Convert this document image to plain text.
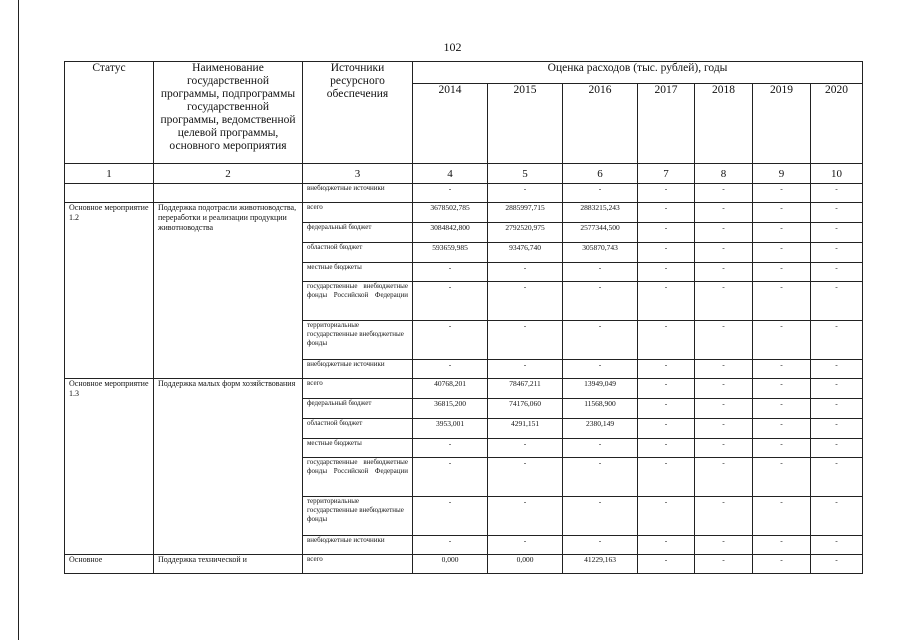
102
Статус	Наименование государственной программы, подпрограммы государственной программы, ведомственной целевой программы, основного мероприятия	Источники ресурсного обеспечения	Оценка расходов (тыс. рублей), годы						
			2014	2015	2016	2017	2018	2019	2020
1	2	3	4	5	6	7	8	9	10
		внебюджетные источники	-	-	-	-	-	-	-
Основное мероприятие 1.2	Поддержка подотрасли животноводства, переработки и реализации продукции животноводства	всего	3678502,785	2885997,715	2883215,243	-	-	-	-
		федеральный бюджет	3084842,800	2792520,975	2577344,500	-	-	-	-
		областной бюджет	593659,985	93476,740	305870,743	-	-	-	-
		местные бюджеты	-	-	-	-	-	-	-
		государственные внебюджетные фонды Российской Федерации	-	-	-	-	-	-	-
		территориальные государственные внебюджетные фонды	-	-	-	-	-	-	-
		внебюджетные источники	-	-	-	-	-	-	-
Основное мероприятие 1.3	Поддержка малых форм хозяйствования	всего	40768,201	78467,211	13949,049	-	-	-	-
		федеральный бюджет	36815,200	74176,060	11568,900	-	-	-	-
		областной бюджет	3953,001	4291,151	2380,149	-	-	-	-
		местные бюджеты	-	-	-	-	-	-	-
		государственные внебюджетные фонды Российской Федерации	-	-	-	-	-	-	-
		территориальные государственные внебюджетные фонды	-	-	-	-	-	-	-
		внебюджетные источники	-	-	-	-	-	-	-
Основное	Поддержка технической и	всего	0,000	0,000	41229,163	-	-	-	-
